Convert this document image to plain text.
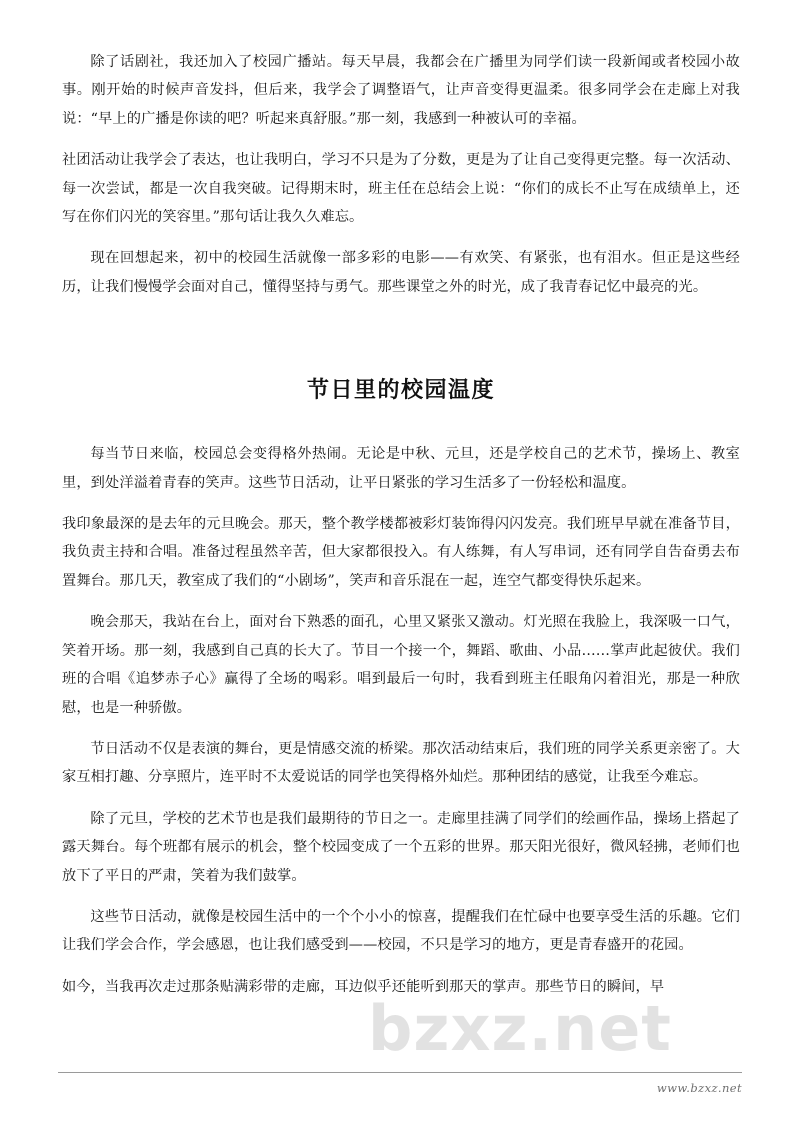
bzxz.net

除了话剧社，我还加入了校园广播站。每天早晨，我都会在广播里为同学们读一段新闻或者校园小故事。刚开始的时候声音发抖，但后来，我学会了调整语气，让声音变得更温柔。很多同学会在走廊上对我说：“早上的广播是你读的吧？听起来真舒服。”那一刻，我感到一种被认可的幸福。

社团活动让我学会了表达，也让我明白，学习不只是为了分数，更是为了让自己变得更完整。每一次活动、每一次尝试，都是一次自我突破。记得期末时，班主任在总结会上说：“你们的成长不止写在成绩单上，还写在你们闪光的笑容里。”那句话让我久久难忘。

现在回想起来，初中的校园生活就像一部多彩的电影——有欢笑、有紧张，也有泪水。但正是这些经历，让我们慢慢学会面对自己，懂得坚持与勇气。那些课堂之外的时光，成了我青春记忆中最亮的光。

节日里的校园温度

每当节日来临，校园总会变得格外热闹。无论是中秋、元旦，还是学校自己的艺术节，操场上、教室里，到处洋溢着青春的笑声。这些节日活动，让平日紧张的学习生活多了一份轻松和温度。

我印象最深的是去年的元旦晚会。那天，整个教学楼都被彩灯装饰得闪闪发亮。我们班早早就在准备节目，我负责主持和合唱。准备过程虽然辛苦，但大家都很投入。有人练舞，有人写串词，还有同学自告奋勇去布置舞台。那几天，教室成了我们的“小剧场”，笑声和音乐混在一起，连空气都变得快乐起来。

晚会那天，我站在台上，面对台下熟悉的面孔，心里又紧张又激动。灯光照在我脸上，我深吸一口气，笑着开场。那一刻，我感到自己真的长大了。节目一个接一个，舞蹈、歌曲、小品……掌声此起彼伏。我们班的合唱《追梦赤子心》赢得了全场的喝彩。唱到最后一句时，我看到班主任眼角闪着泪光，那是一种欣慰，也是一种骄傲。

节日活动不仅是表演的舞台，更是情感交流的桥梁。那次活动结束后，我们班的同学关系更亲密了。大家互相打趣、分享照片，连平时不太爱说话的同学也笑得格外灿烂。那种团结的感觉，让我至今难忘。

除了元旦，学校的艺术节也是我们最期待的节日之一。走廊里挂满了同学们的绘画作品，操场上搭起了露天舞台。每个班都有展示的机会，整个校园变成了一个五彩的世界。那天阳光很好，微风轻拂，老师们也放下了平日的严肃，笑着为我们鼓掌。

这些节日活动，就像是校园生活中的一个个小小的惊喜，提醒我们在忙碌中也要享受生活的乐趣。它们让我们学会合作，学会感恩，也让我们感受到——校园，不只是学习的地方，更是青春盛开的花园。

如今，当我再次走过那条贴满彩带的走廊，耳边似乎还能听到那天的掌声。那些节日的瞬间，早

www.bzxz.net
